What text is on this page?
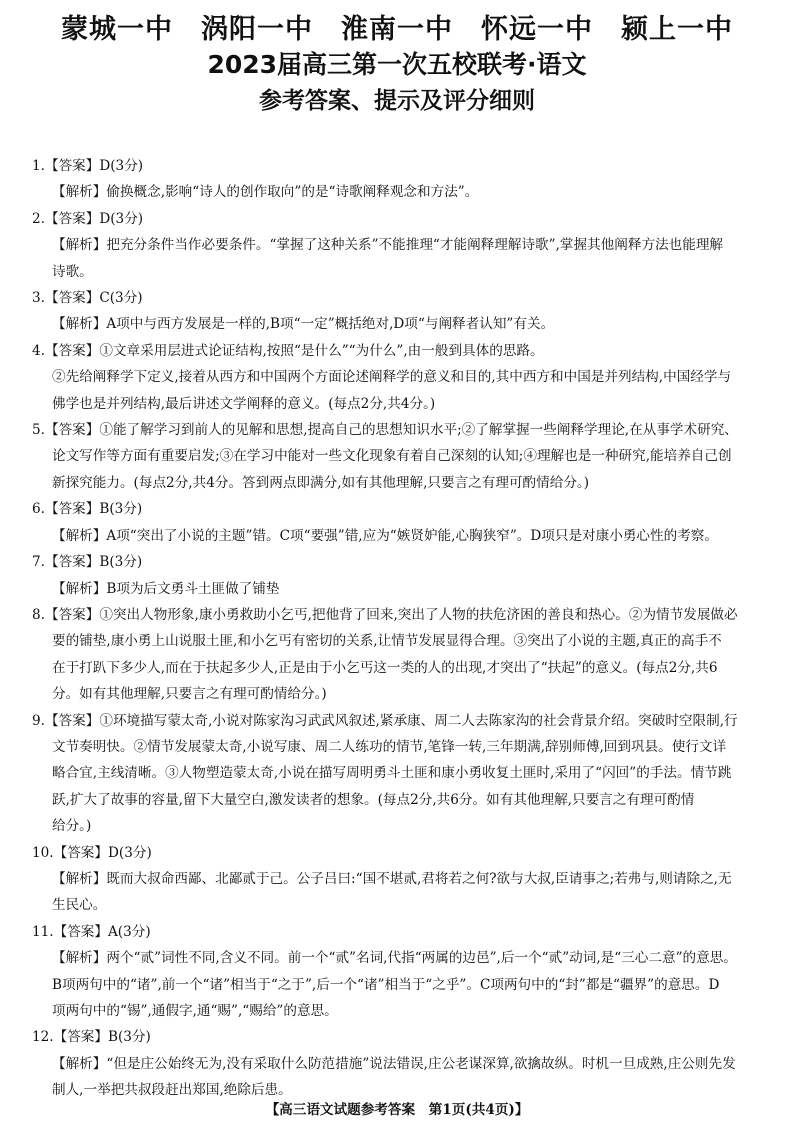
蒙城一中　涡阳一中　淮南一中　怀远一中　颍上一中
2023届高三第一次五校联考·语文
参考答案、提示及评分细则
1.【答案】D(3分)
【解析】偷换概念,影响“诗人的创作取向”的是“诗歌阐释观念和方法”。
2.【答案】D(3分)
【解析】把充分条件当作必要条件。“掌握了这种关系”不能推理“才能阐释理解诗歌”,掌握其他阐释方法也能理解
诗歌。
3.【答案】C(3分)
【解析】A项中与西方发展是一样的,B项“一定”概括绝对,D项“与阐释者认知”有关。
4.【答案】①文章采用层进式论证结构,按照“是什么”“为什么”,由一般到具体的思路。
②先给阐释学下定义,接着从西方和中国两个方面论述阐释学的意义和目的,其中西方和中国是并列结构,中国经学与
佛学也是并列结构,最后讲述文学阐释的意义。(每点2分,共4分。)
5.【答案】①能了解学习到前人的见解和思想,提高自己的思想知识水平;②了解掌握一些阐释学理论,在从事学术研究、
论文写作等方面有重要启发;③在学习中能对一些文化现象有着自己深刻的认知;④理解也是一种研究,能培养自己创
新探究能力。(每点2分,共4分。答到两点即满分,如有其他理解,只要言之有理可酌情给分。)
6.【答案】B(3分)
【解析】A项“突出了小说的主题”错。C项“要强”错,应为“嫉贤妒能,心胸狭窄”。D项只是对康小勇心性的考察。
7.【答案】B(3分)
【解析】B项为后文勇斗土匪做了铺垫
8.【答案】①突出人物形象,康小勇救助小乞丐,把他背了回来,突出了人物的扶危济困的善良和热心。②为情节发展做必
要的铺垫,康小勇上山说服土匪,和小乞丐有密切的关系,让情节发展显得合理。③突出了小说的主题,真正的高手不
在于打趴下多少人,而在于扶起多少人,正是由于小乞丐这一类的人的出现,才突出了“扶起”的意义。(每点2分,共6
分。如有其他理解,只要言之有理可酌情给分。)
9.【答案】①环境描写蒙太奇,小说对陈家沟习武武风叙述,紧承康、周二人去陈家沟的社会背景介绍。突破时空限制,行
文节奏明快。②情节发展蒙太奇,小说写康、周二人练功的情节,笔锋一转,三年期满,辞别师傅,回到巩县。使行文详
略合宜,主线清晰。③人物塑造蒙太奇,小说在描写周明勇斗土匪和康小勇收复土匪时,采用了“闪回”的手法。情节跳
跃,扩大了故事的容量,留下大量空白,激发读者的想象。(每点2分,共6分。如有其他理解,只要言之有理可酌情
给分。)
10.【答案】D(3分)
【解析】既而大叔命西鄙、北鄙贰于己。公子吕曰:“国不堪贰,君将若之何?欲与大叔,臣请事之;若弗与,则请除之,无
生民心。
11.【答案】A(3分)
【解析】两个“贰”词性不同,含义不同。前一个“贰”名词,代指“两属的边邑”,后一个“贰”动词,是“三心二意”的意思。
B项两句中的“诸”,前一个“诸”相当于“之于”,后一个“诸”相当于“之乎”。C项两句中的“封”都是“疆界”的意思。D
项两句中的“锡”,通假字,通“赐”,“赐给”的意思。
12.【答案】B(3分)
【解析】“但是庄公始终无为,没有采取什么防范措施”说法错误,庄公老谋深算,欲擒故纵。时机一旦成熟,庄公则先发
制人,一举把共叔段赶出郑国,绝除后患。
【高三语文试题参考答案　第1页(共4页)】
